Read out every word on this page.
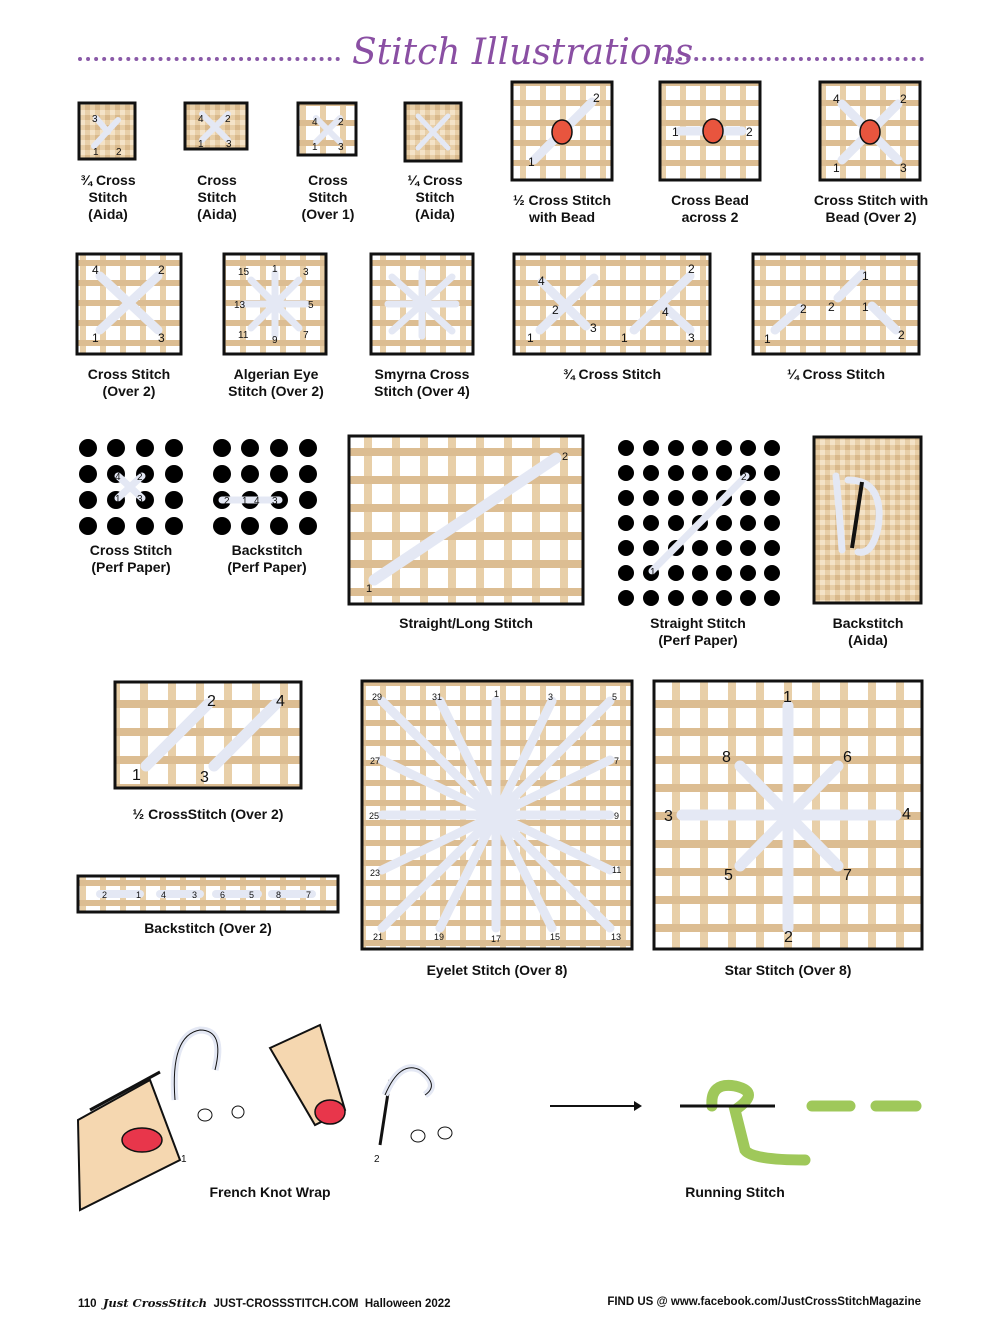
Stitch Illustrations
3
1 2
4 2
1 3
4 2
1 3
1
2
1	2
4	2
1	3
4	2
1	3
15 1	3
13	5
11 9	7
4
2
3
1
2
4
1	3
1
2 2 1
1	2
4 2
1 3	2 1 4 3
1
2
1
2
1
2
3
4
2	1 4	3	6	5 8	7
29	31	1	3	5
27	7
25	9
23	11
21	19	17	15	13
1
8	6
3	4
5	7
2
1	2
¾ Cross
Stitch
(Aida)
Cross
Stitch
(Aida)
Cross
Stitch
(Over 1)
¼ Cross
Stitch
(Aida)
½ Cross Stitch
with Bead
Cross Bead
across 2
Cross Stitch with
Bead (Over 2)
Cross Stitch
(Over 2)
Algerian Eye
Stitch (Over 2)
Smyrna Cross
Stitch (Over 4)
¾ Cross Stitch	¼ Cross Stitch
Cross Stitch
(Perf Paper)
Backstitch
(Perf Paper)
Straight/Long Stitch	Straight Stitch
(Perf Paper)
Backstitch
(Aida)
½ CrossStitch (Over 2)
Backstitch (Over 2)
Eyelet Stitch (Over 8)	Star Stitch (Over 8)
French Knot Wrap	Running Stitch
110 Just CrossStitch JUST-CROSSSTITCH.COM Halloween 2022	FIND US @ www.facebook.com/JustCrossStitchMagazine
